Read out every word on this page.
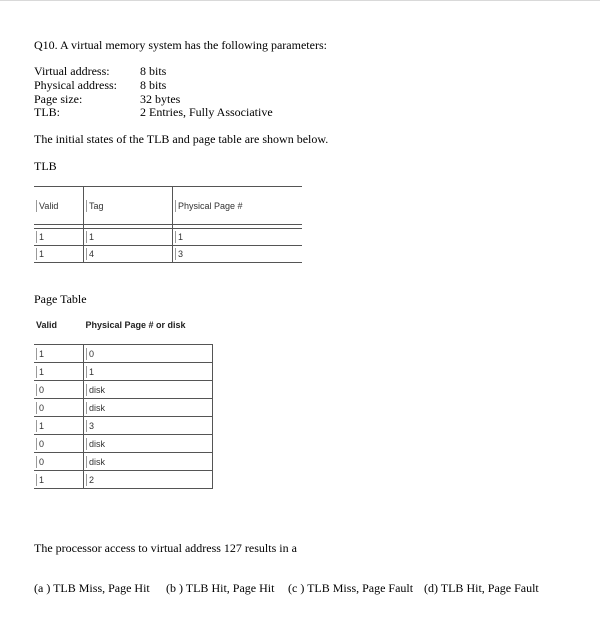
Q10. A virtual memory system has the following parameters:
Virtual address:	8 bits
Physical address:	8 bits
Page size:	32 bytes
TLB:	2 Entries, Fully Associative
The initial states of the TLB and page table are shown below.
TLB
Valid	Tag	Physical Page #

1	1	1
1	4	3
Page Table
Valid	Physical Page # or disk

1	0
1	1
0	disk
0	disk
1	3
0	disk
0	disk
1	2
The processor access to virtual address 127 results in a
(a ) TLB Miss, Page Hit (b ) TLB Hit, Page Hit (c ) TLB Miss, Page Fault (d) TLB Hit, Page Fault
